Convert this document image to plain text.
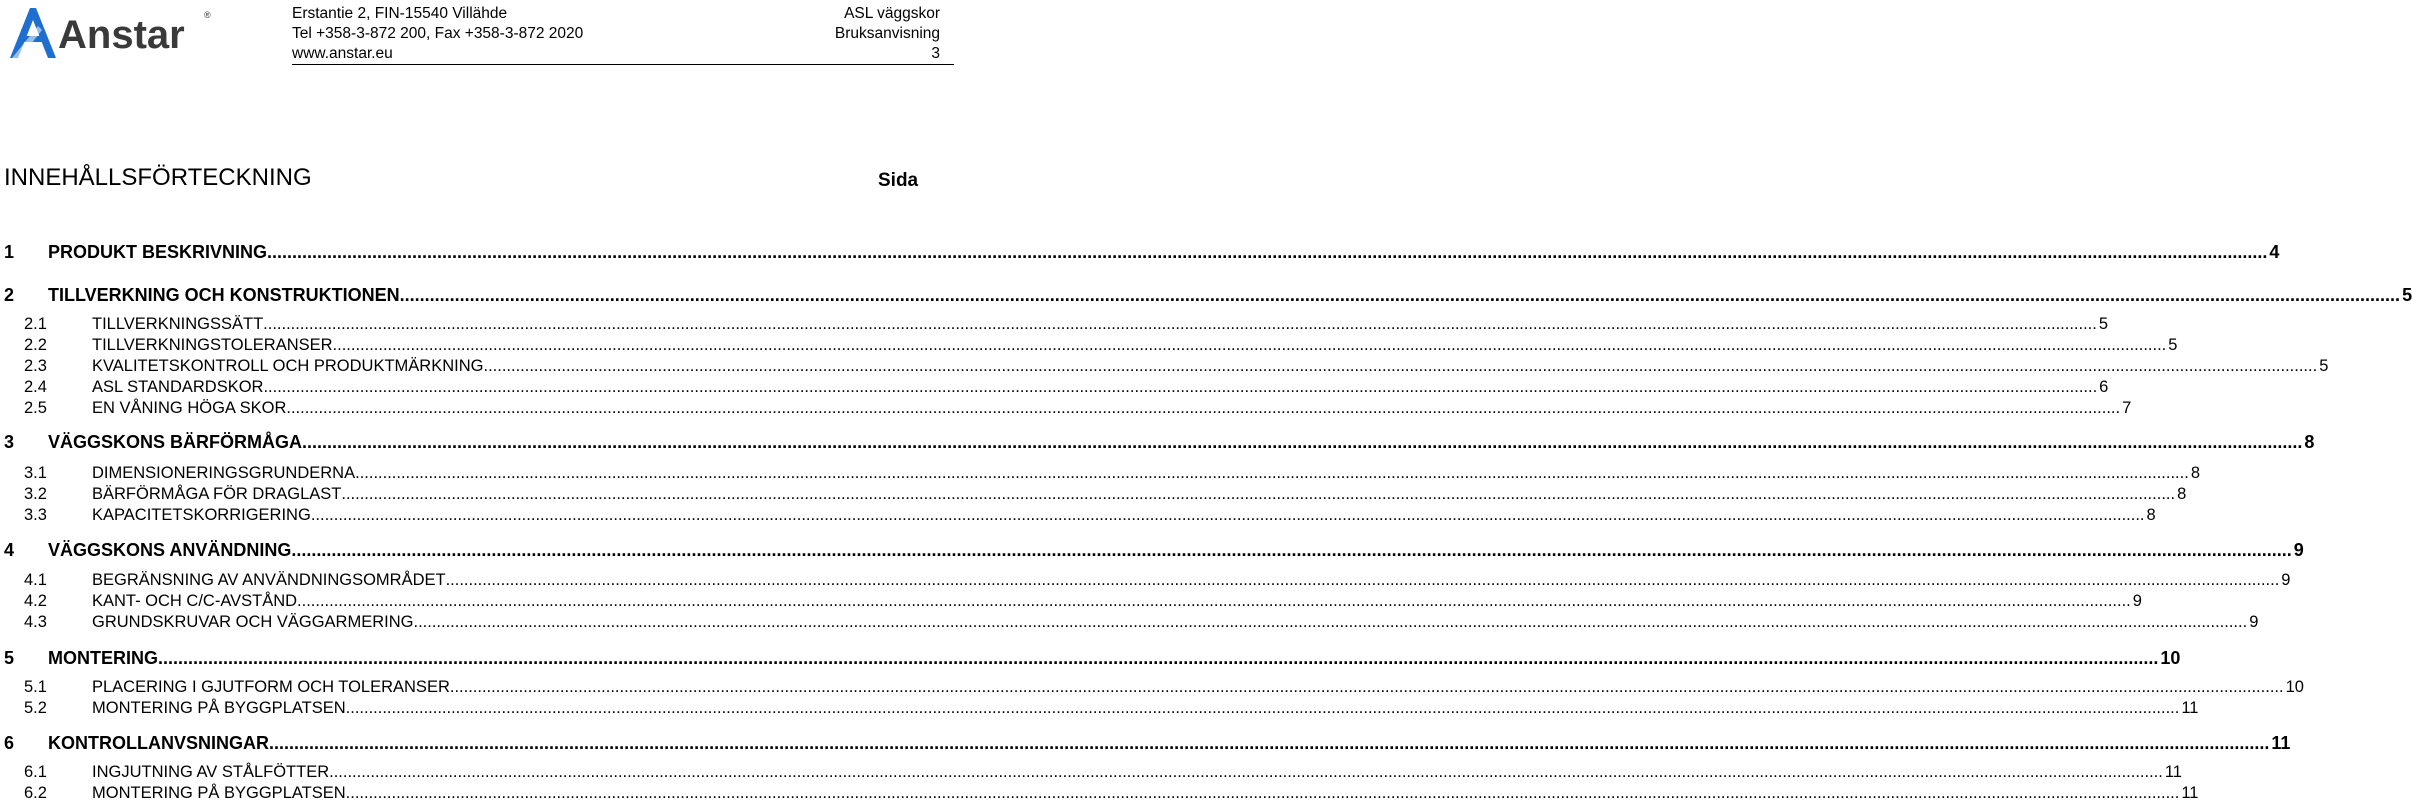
Anstar ®	Erstantie 2, FIN-15540 Villähde
Tel +358-3-872 200, Fax +358-3-872 2020
www.anstar.eu
ASL väggskor
Bruksanvisning
3
INNEHÅLLSFÖRTECKNING	Sida
1 PRODUKT BESKRIVNING ................................................................................................................................................................................................................................................................................................................................................................................................................ 4
2 TILLVERKNING OCH KONSTRUKTIONEN ................................................................................................................................................................................................................................................................................................................................................................................................................ 5
2.1	TILLVERKNINGSSÄTT ................................................................................................................................................................................................................................................................................................................................................................................................................ 5
2.2	TILLVERKNINGSTOLERANSER ................................................................................................................................................................................................................................................................................................................................................................................................................ 5
2.3	KVALITETSKONTROLL OCH PRODUKTMÄRKNING ................................................................................................................................................................................................................................................................................................................................................................................................................ 5
2.4	ASL STANDARDSKOR ................................................................................................................................................................................................................................................................................................................................................................................................................ 6
2.5	EN VÅNING HÖGA SKOR ................................................................................................................................................................................................................................................................................................................................................................................................................ 7
3 VÄGGSKONS BÄRFÖRMÅGA ................................................................................................................................................................................................................................................................................................................................................................................................................ 8
3.1	DIMENSIONERINGSGRUNDERNA ................................................................................................................................................................................................................................................................................................................................................................................................................ 8
3.2	BÄRFÖRMÅGA FÖR DRAGLAST ................................................................................................................................................................................................................................................................................................................................................................................................................ 8
3.3	KAPACITETSKORRIGERING ................................................................................................................................................................................................................................................................................................................................................................................................................ 8
4 VÄGGSKONS ANVÄNDNING ................................................................................................................................................................................................................................................................................................................................................................................................................ 9
4.1	BEGRÄNSNING AV ANVÄNDNINGSOMRÅDET ................................................................................................................................................................................................................................................................................................................................................................................................................ 9
4.2	KANT- OCH C/C-AVSTÅND ................................................................................................................................................................................................................................................................................................................................................................................................................ 9
4.3	GRUNDSKRUVAR OCH VÄGGARMERING ................................................................................................................................................................................................................................................................................................................................................................................................................ 9
5 MONTERING ................................................................................................................................................................................................................................................................................................................................................................................................................ 10
5.1	PLACERING I GJUTFORM OCH TOLERANSER ................................................................................................................................................................................................................................................................................................................................................................................................................ 10
5.2	MONTERING PÅ BYGGPLATSEN ................................................................................................................................................................................................................................................................................................................................................................................................................ 11
6 KONTROLLANVSNINGAR ................................................................................................................................................................................................................................................................................................................................................................................................................ 11
6.1	INGJUTNING AV STÅLFÖTTER ................................................................................................................................................................................................................................................................................................................................................................................................................ 11
6.2	MONTERING PÅ BYGGPLATSEN ................................................................................................................................................................................................................................................................................................................................................................................................................ 11
